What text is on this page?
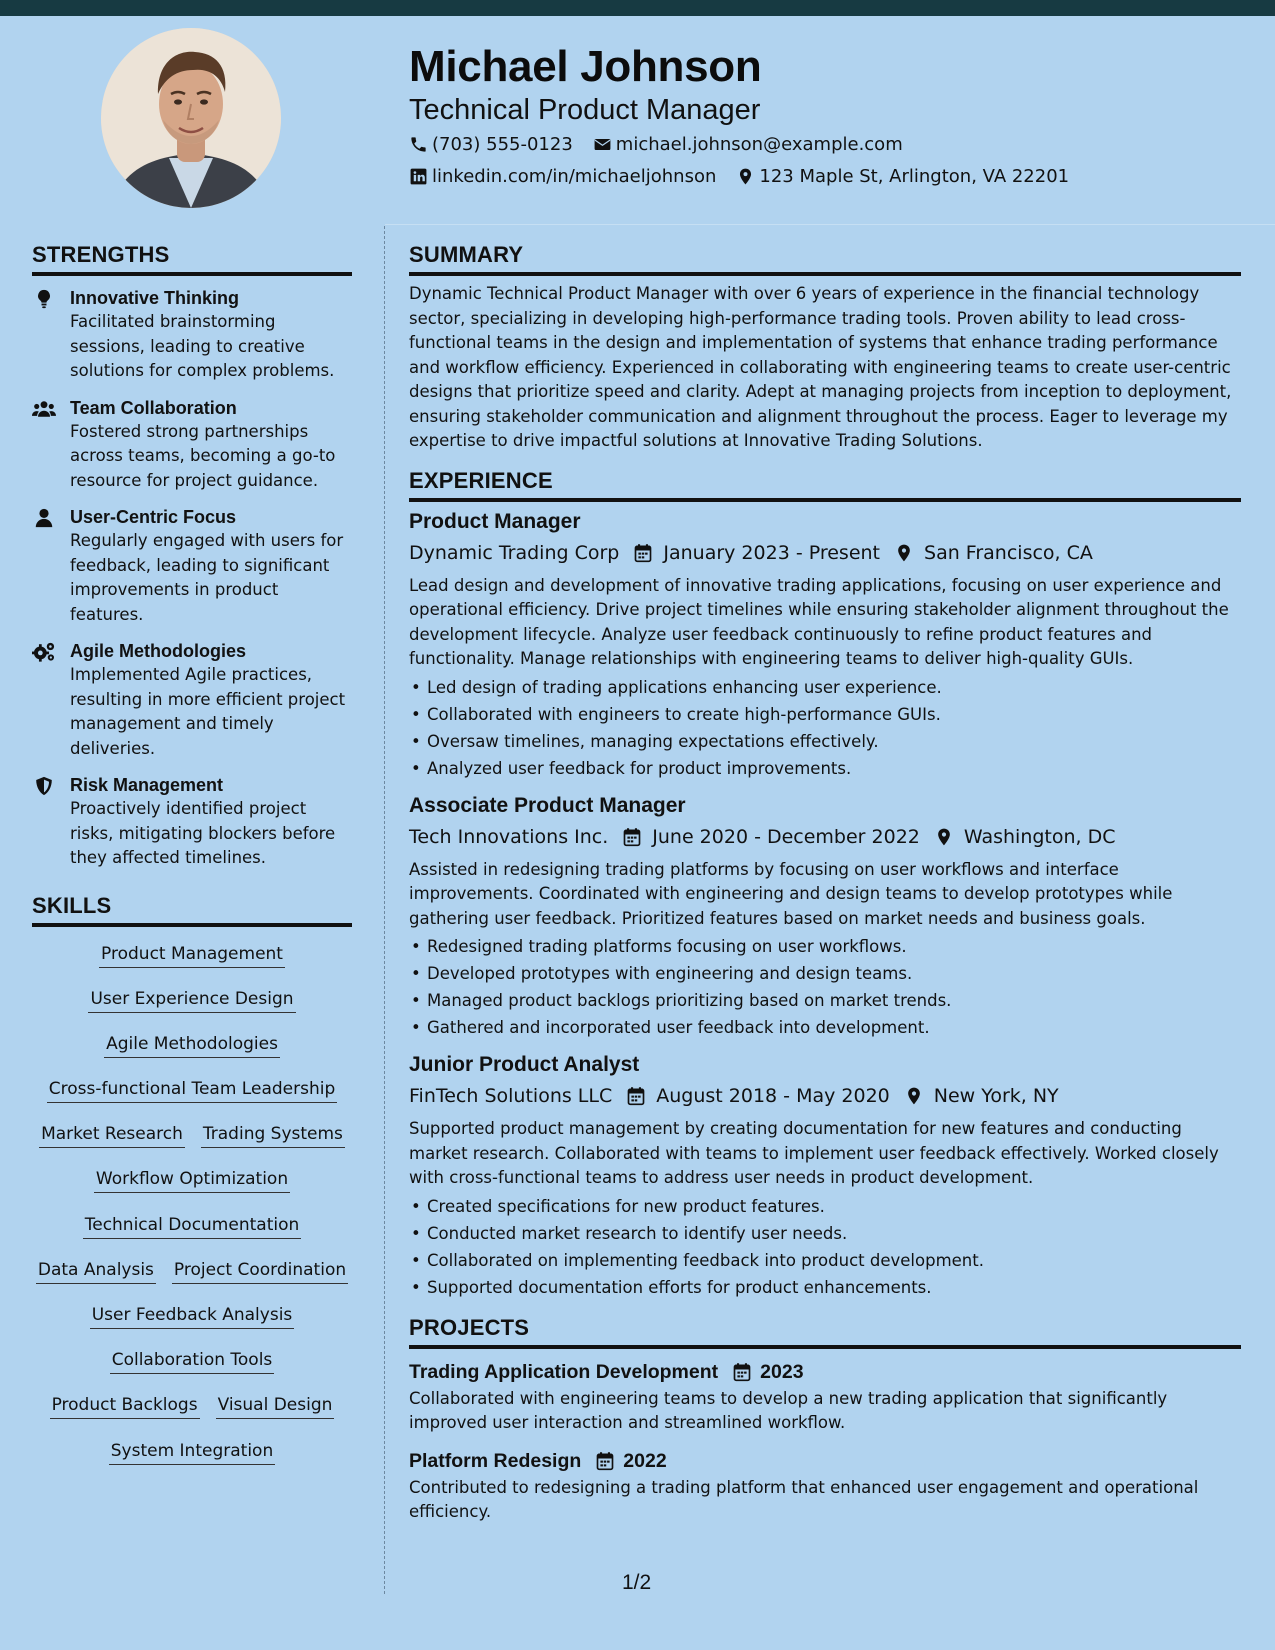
Michael Johnson
Technical Product Manager
(703) 555-0123 michael.johnson@example.com
linkedin.com/in/michaeljohnson 123 Maple St, Arlington, VA 22201
STRENGTHS
Innovative Thinking
Facilitated brainstorming sessions, leading to creative solutions for complex problems.
Team Collaboration
Fostered strong partnerships across teams, becoming a go-to resource for project guidance.
User-Centric Focus
Regularly engaged with users for feedback, leading to significant improvements in product features.
Agile Methodologies
Implemented Agile practices, resulting in more efficient project management and timely deliveries.
Risk Management
Proactively identified project risks, mitigating blockers before they affected timelines.
SKILLS
Product Management
User Experience Design
Agile Methodologies
Cross-functional Team Leadership
Market Research Trading Systems
Workflow Optimization
Technical Documentation
Data Analysis Project Coordination
User Feedback Analysis
Collaboration Tools
Product Backlogs Visual Design
System Integration
SUMMARY
Dynamic Technical Product Manager with over 6 years of experience in the financial technology sector, specializing in developing high-performance trading tools. Proven ability to lead cross-functional teams in the design and implementation of systems that enhance trading performance and workflow efficiency. Experienced in collaborating with engineering teams to create user-centric designs that prioritize speed and clarity. Adept at managing projects from inception to deployment, ensuring stakeholder communication and alignment throughout the process. Eager to leverage my expertise to drive impactful solutions at Innovative Trading Solutions.
EXPERIENCE
Product Manager
Dynamic Trading Corp January 2023 - Present San Francisco, CA
Lead design and development of innovative trading applications, focusing on user experience and operational efficiency. Drive project timelines while ensuring stakeholder alignment throughout the development lifecycle. Analyze user feedback continuously to refine product features and functionality. Manage relationships with engineering teams to deliver high-quality GUIs.
• Led design of trading applications enhancing user experience.
• Collaborated with engineers to create high-performance GUIs.
• Oversaw timelines, managing expectations effectively.
• Analyzed user feedback for product improvements.
Associate Product Manager
Tech Innovations Inc. June 2020 - December 2022 Washington, DC
Assisted in redesigning trading platforms by focusing on user workflows and interface improvements. Coordinated with engineering and design teams to develop prototypes while gathering user feedback. Prioritized features based on market needs and business goals.
• Redesigned trading platforms focusing on user workflows.
• Developed prototypes with engineering and design teams.
• Managed product backlogs prioritizing based on market trends.
• Gathered and incorporated user feedback into development.
Junior Product Analyst
FinTech Solutions LLC August 2018 - May 2020 New York, NY
Supported product management by creating documentation for new features and conducting market research. Collaborated with teams to implement user feedback effectively. Worked closely with cross-functional teams to address user needs in product development.
• Created specifications for new product features.
• Conducted market research to identify user needs.
• Collaborated on implementing feedback into product development.
• Supported documentation efforts for product enhancements.
PROJECTS
Trading Application Development 2023
Collaborated with engineering teams to develop a new trading application that significantly improved user interaction and streamlined workflow.
Platform Redesign 2022
Contributed to redesigning a trading platform that enhanced user engagement and operational efficiency.
1/2
